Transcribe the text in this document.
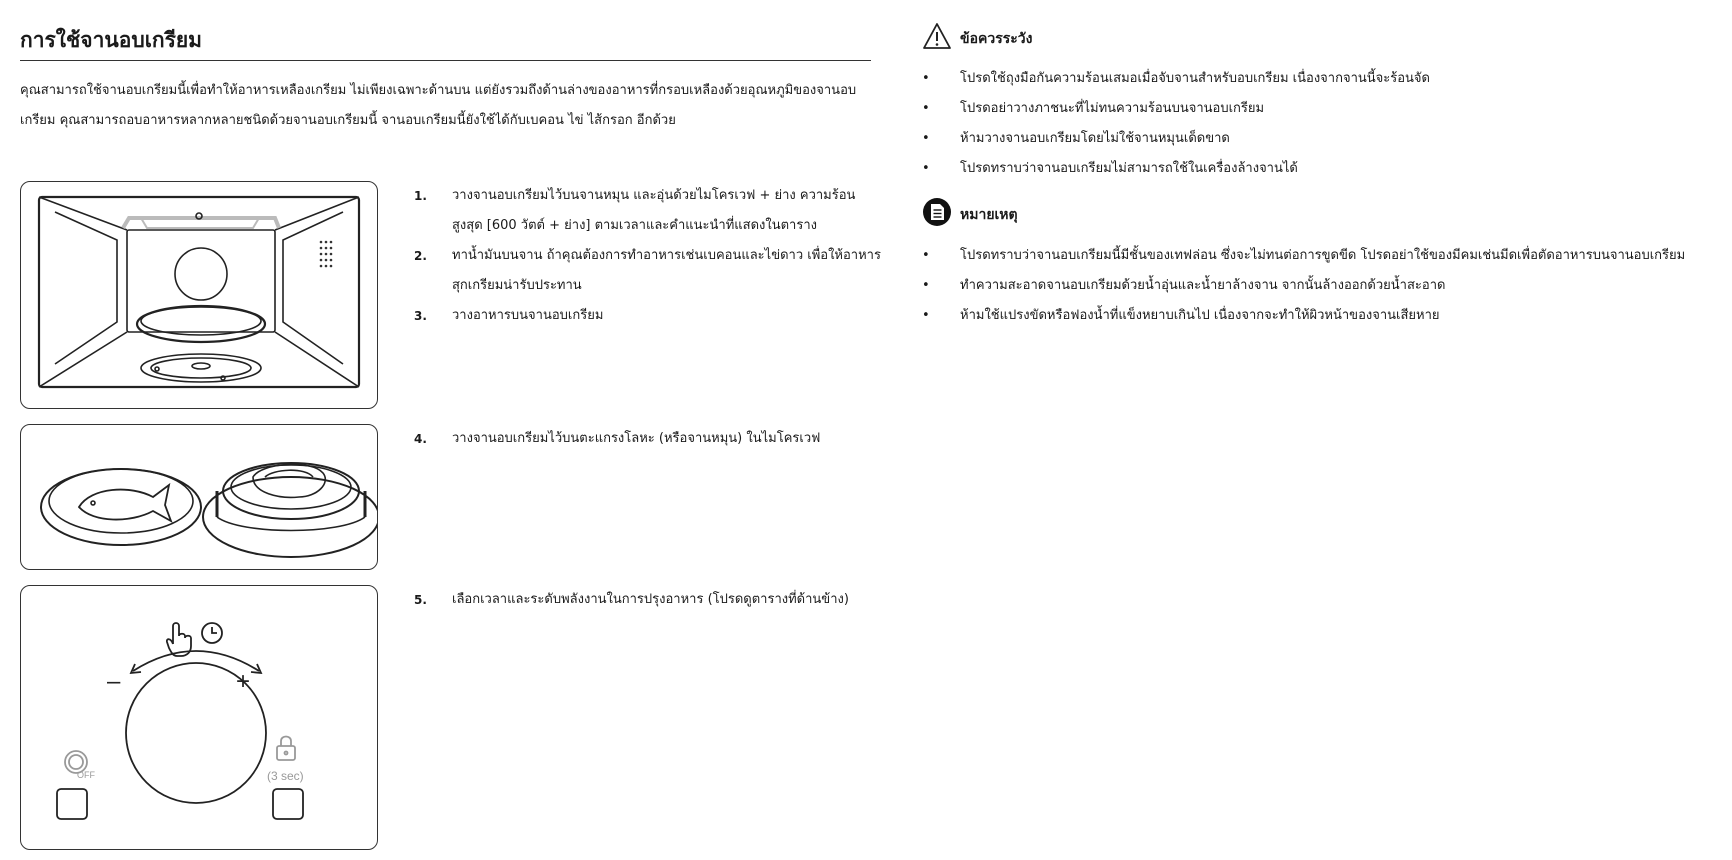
การใช้จานอบเกรียม
คุณสามารถใช้จานอบเกรียมนี้เพื่อทำให้อาหารเหลืองเกรียม ไม่เพียงเฉพาะด้านบน แต่ยังรวมถึงด้านล่างของอาหารที่กรอบเหลืองด้วยอุณหภูมิของจานอบเกรียม คุณสามารถอบอาหารหลากหลายชนิดด้วยจานอบเกรียมนี้ จานอบเกรียมนี้ยังใช้ได้กับเบคอน ไข่ ไส้กรอก อีกด้วย
–	+
OFF	(3 sec)
1. วางจานอบเกรียมไว้บนจานหมุน และอุ่นด้วยไมโครเวฟ + ย่าง ความร้อนสูงสุด [600 วัตต์ + ย่าง] ตามเวลาและคำแนะนำที่แสดงในตาราง
2. ทาน้ำมันบนจาน ถ้าคุณต้องการทำอาหารเช่นเบคอนและไข่ดาว เพื่อให้อาหารสุกเกรียมน่ารับประทาน
3. วางอาหารบนจานอบเกรียม
4. วางจานอบเกรียมไว้บนตะแกรงโลหะ (หรือจานหมุน) ในไมโครเวฟ
5. เลือกเวลาและระดับพลังงานในการปรุงอาหาร (โปรดดูตารางที่ด้านข้าง)
ข้อควรระวัง
• โปรดใช้ถุงมือกันความร้อนเสมอเมื่อจับจานสำหรับอบเกรียม เนื่องจากจานนี้จะร้อนจัด
• โปรดอย่าวางภาชนะที่ไม่ทนความร้อนบนจานอบเกรียม
• ห้ามวางจานอบเกรียมโดยไม่ใช้จานหมุนเด็ดขาด
• โปรดทราบว่าจานอบเกรียมไม่สามารถใช้ในเครื่องล้างจานได้
หมายเหตุ
• โปรดทราบว่าจานอบเกรียมนี้มีชั้นของเทฟล่อน ซึ่งจะไม่ทนต่อการขูดขีด โปรดอย่าใช้ของมีคมเช่นมีดเพื่อตัดอาหารบนจานอบเกรียม
• ทำความสะอาดจานอบเกรียมด้วยน้ำอุ่นและน้ำยาล้างจาน จากนั้นล้างออกด้วยน้ำสะอาด
• ห้ามใช้แปรงขัดหรือฟองน้ำที่แข็งหยาบเกินไป เนื่องจากจะทำให้ผิวหน้าของจานเสียหาย
